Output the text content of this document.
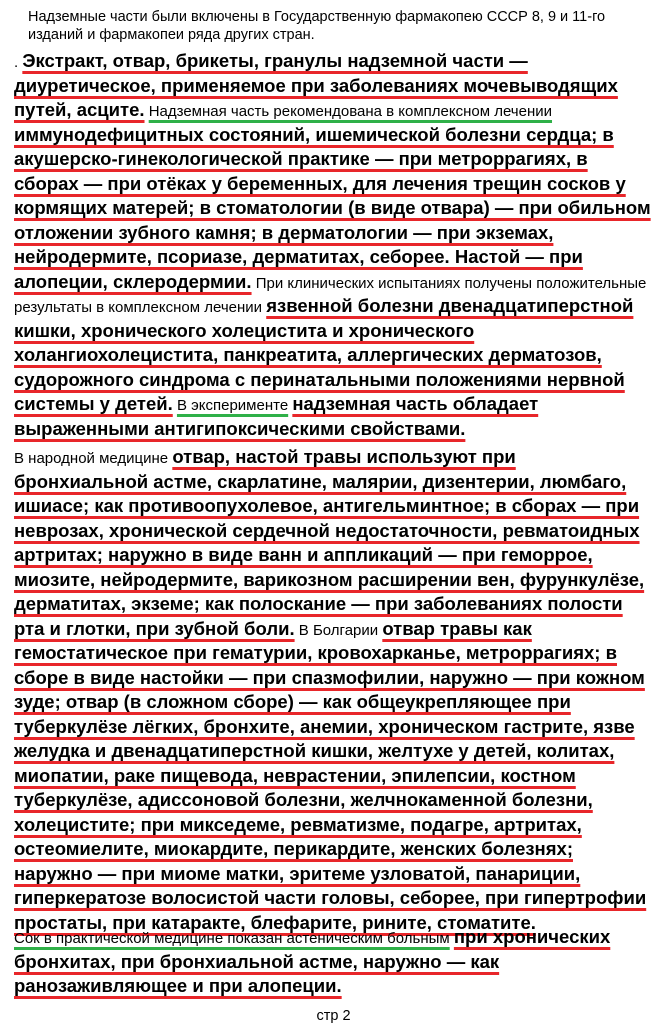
Надземные части были включены в Государственную фармакопею СССР 8, 9 и 11-го изданий и фармакопеи ряда других стран.

. Экстракт, отвар, брикеты, гранулы надземной части — диуретическое, применяемое при заболеваниях мочевыводящих путей, асците. Надземная часть рекомендована в комплексном лечении иммунодефицитных состояний, ишемической болезни сердца; в акушерско-гинекологической практике — при метроррагиях, в сборах — при отёках у беременных, для лечения трещин сосков у кормящих матерей; в стоматологии (в виде отвара) — при обильном отложении зубного камня; в дерматологии — при экземах, нейродермите, псориазе, дерматитах, себорее. Настой — при алопеции, склеродермии. При клинических испытаниях получены положительные результаты в комплексном лечении язвенной болезни двенадцатиперстной кишки, хронического холецистита и хронического холангиохолецистита, панкреатита, аллергических дерматозов, судорожного синдрома с перинатальными положениями нервной системы у детей. В эксперименте надземная часть обладает выраженными антигипоксическими свойствами.

В народной медицине отвар, настой травы используют при бронхиальной астме, скарлатине, малярии, дизентерии, люмбаго, ишиасе; как противоопухолевое, антигельминтное; в сборах — при неврозах, хронической сердечной недостаточности, ревматоидных артритах; наружно в виде ванн и аппликаций — при геморрое, миозите, нейродермите, варикозном расширении вен, фурункулёзе, дерматитах, экземе; как полоскание — при заболеваниях полости рта и глотки, при зубной боли. В Болгарии отвар травы как гемостатическое при гематурии, кровохарканье, метроррагиях; в сборе в виде настойки — при спазмофилии, наружно — при кожном зуде; отвар (в сложном сборе) — как общеукрепляющее при туберкулёзе лёгких, бронхите, анемии, хроническом гастрите, язве желудка и двенадцатиперстной кишки, желтухе у детей, колитах, миопатии, раке пищевода, неврастении, эпилепсии, костном туберкулёзе, адиссоновой болезни, желчнокаменной болезни, холецистите; при микседеме, ревматизме, подагре, артритах, остеомиелите, миокардите, перикардите, женских болезнях; наружно — при миоме матки, эритеме узловатой, панариции, гиперкератозе волосистой части головы, себорее, при гипертрофии простаты, при катаракте, блефарите, рините, стоматите.

Сок в практической медицине показан астеническим больным при хронических бронхитах, при бронхиальной астме, наружно — как ранозаживляющее и при алопеции.

стр 2
